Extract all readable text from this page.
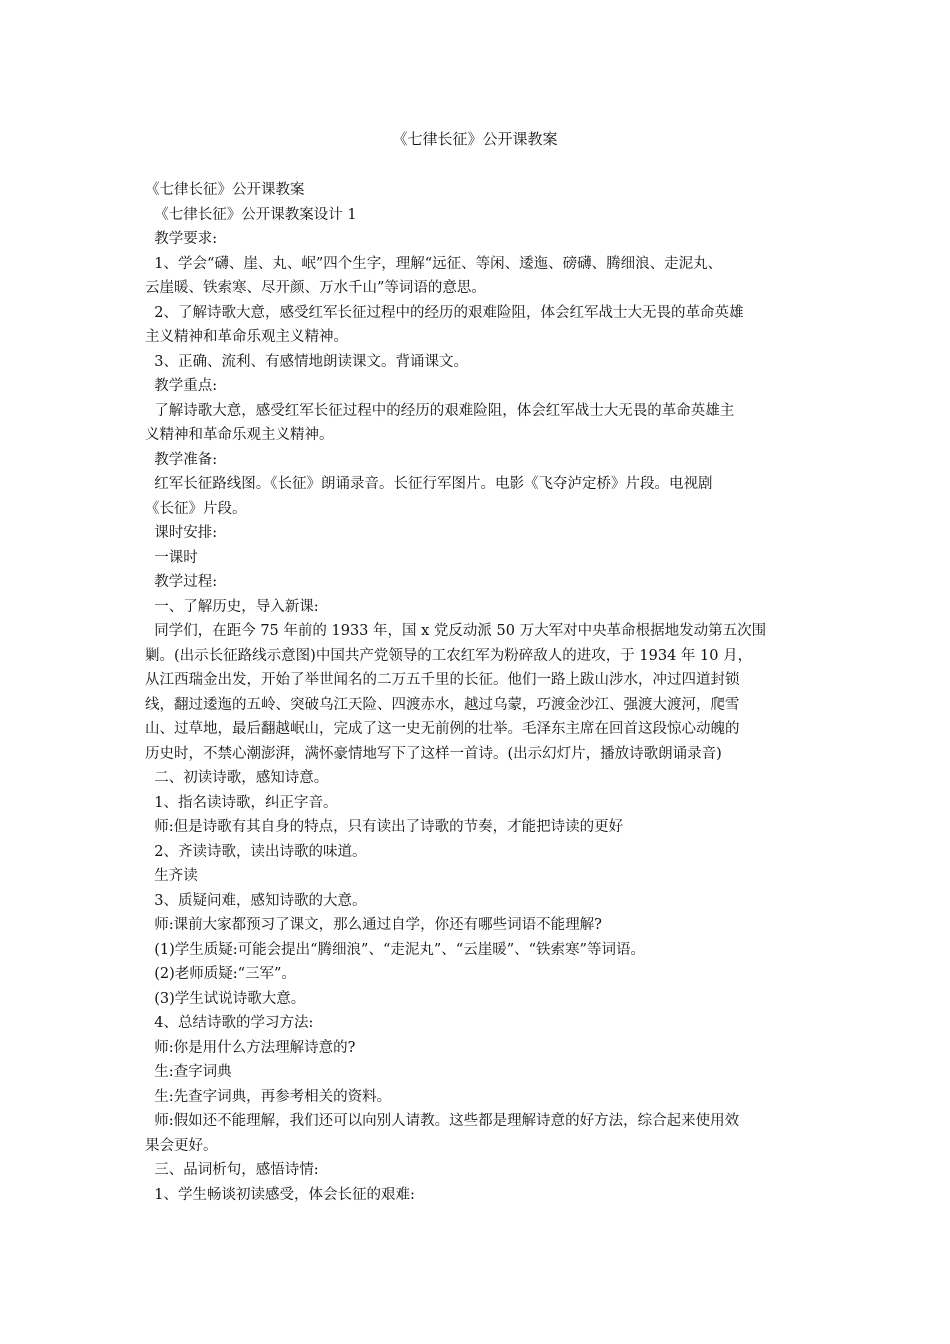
《七律长征》公开课教案

《七律长征》公开课教案

《七律长征》公开课教案设计 1

教学要求:

1、学会“礴、崖、丸、岷”四个生字，理解“远征、等闲、逶迤、磅礴、腾细浪、走泥丸、

云崖暖、铁索寒、尽开颜、万水千山”等词语的意思。

2、了解诗歌大意，感受红军长征过程中的经历的艰难险阻，体会红军战士大无畏的革命英雄

主义精神和革命乐观主义精神。

3、正确、流利、有感情地朗读课文。背诵课文。

教学重点:

了解诗歌大意，感受红军长征过程中的经历的艰难险阻，体会红军战士大无畏的革命英雄主

义精神和革命乐观主义精神。

教学准备:

红军长征路线图。《长征》朗诵录音。长征行军图片。电影《飞夺泸定桥》片段。电视剧

《长征》片段。

课时安排:

一课时

教学过程:

一、了解历史，导入新课:

同学们，在距今 75 年前的 1933 年，国 x 党反动派 50 万大军对中央革命根据地发动第五次围

剿。(出示长征路线示意图)中国共产党领导的工农红军为粉碎敌人的进攻，于 1934 年 10 月，

从江西瑞金出发，开始了举世闻名的二万五千里的长征。他们一路上跋山涉水，冲过四道封锁

线，翻过逶迤的五岭、突破乌江天险、四渡赤水，越过乌蒙，巧渡金沙江、强渡大渡河，爬雪

山、过草地，最后翻越岷山，完成了这一史无前例的壮举。毛泽东主席在回首这段惊心动魄的

历史时，不禁心潮澎湃，满怀豪情地写下了这样一首诗。(出示幻灯片，播放诗歌朗诵录音)

二、初读诗歌，感知诗意。

1、指名读诗歌，纠正字音。

师:但是诗歌有其自身的特点，只有读出了诗歌的节奏，才能把诗读的更好

2、齐读诗歌，读出诗歌的味道。

生齐读

3、质疑问难，感知诗歌的大意。

师:课前大家都预习了课文，那么通过自学，你还有哪些词语不能理解?

(1)学生质疑:可能会提出“腾细浪”、“走泥丸”、“云崖暖”、“铁索寒”等词语。

(2)老师质疑:“三军”。

(3)学生试说诗歌大意。

4、总结诗歌的学习方法:

师:你是用什么方法理解诗意的?

生:查字词典

生:先查字词典，再参考相关的资料。

师:假如还不能理解，我们还可以向别人请教。这些都是理解诗意的好方法，综合起来使用效

果会更好。

三、品词析句，感悟诗情:

1、学生畅谈初读感受，体会长征的艰难:
